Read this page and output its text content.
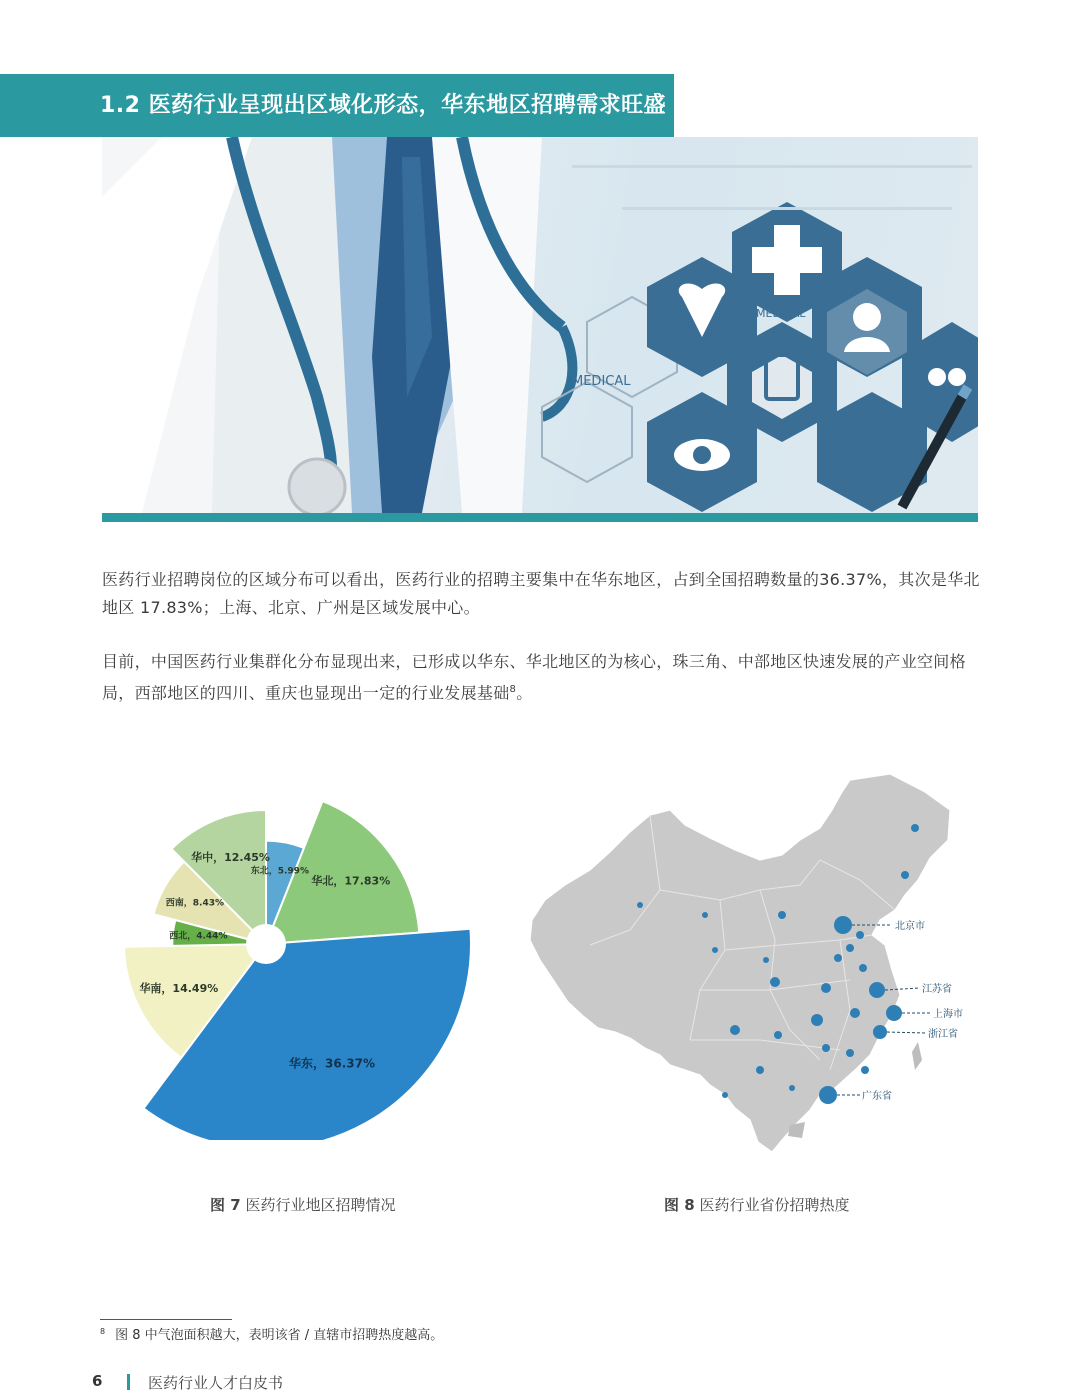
1.2 医药行业呈现出区域化形态，华东地区招聘需求旺盛
MEDICAL
MEDICAL
医药行业招聘岗位的区域分布可以看出，医药行业的招聘主要集中在华东地区，占到全国招聘数量的36.37%，其次是华北地区 17.83%；上海、北京、广州是区域发展中心。
目前，中国医药行业集群化分布显现出来，已形成以华东、华北地区的为核心，珠三角、中部地区快速发展的产业空间格局，西部地区的四川、重庆也显现出一定的行业发展基础$^8$。
东北，5.99%
华北，17.83%
华东，36.37%
华南，14.49%
西北，4.44%
西南，8.43%
华中，12.45%
北京市
江苏省
上海市
浙江省
广东省
图 7 医药行业地区招聘情况	图 8 医药行业省份招聘热度
$^8$ 图 8 中气泡面积越大，表明该省 / 直辖市招聘热度越高。
6	医药行业人才白皮书
